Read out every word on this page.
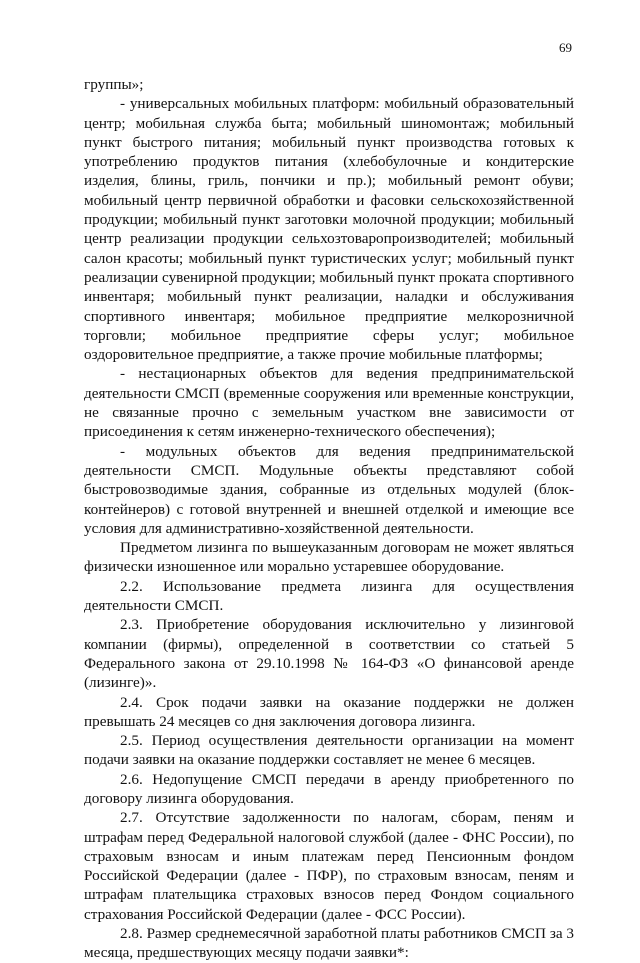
69

группы»;

- универсальных мобильных платформ: мобильный образовательный центр; мобильная служба быта; мобильный шиномонтаж; мобильный пункт быстрого питания; мобильный пункт производства готовых к употреблению продуктов питания (хлебобулочные и кондитерские изделия, блины, гриль, пончики и пр.); мобильный ремонт обуви; мобильный центр первичной обработки и фасовки сельскохозяйственной продукции; мобильный пункт заготовки молочной продукции; мобильный центр реализации продукции сельхозтоваропроизводителей; мобильный салон красоты; мобильный пункт туристических услуг; мобильный пункт реализации сувенирной продукции; мобильный пункт проката спортивного инвентаря; мобильный пункт реализации, наладки и обслуживания спортивного инвентаря; мобильное предприятие мелкорозничной торговли; мобильное предприятие сферы услуг; мобильное оздоровительное предприятие, а также прочие мобильные платформы;

- нестационарных объектов для ведения предпринимательской деятельности СМСП (временные сооружения или временные конструкции, не связанные прочно с земельным участком вне зависимости от присоединения к сетям инженерно-технического обеспечения);

- модульных объектов для ведения предпринимательской деятельности СМСП. Модульные объекты представляют собой быстровозводимые здания, собранные из отдельных модулей (блок-контейнеров) с готовой внутренней и внешней отделкой и имеющие все условия для административно-хозяйственной деятельности.

Предметом лизинга по вышеуказанным договорам не может являться физически изношенное или морально устаревшее оборудование.

2.2. Использование предмета лизинга для осуществления деятельности СМСП.

2.3. Приобретение оборудования исключительно у лизинговой компании (фирмы), определенной в соответствии со статьей 5 Федерального закона от 29.10.1998 № 164-ФЗ «О финансовой аренде (лизинге)».

2.4. Срок подачи заявки на оказание поддержки не должен превышать 24 месяцев со дня заключения договора лизинга.

2.5. Период осуществления деятельности организации на момент подачи заявки на оказание поддержки составляет не менее 6 месяцев.

2.6. Недопущение СМСП передачи в аренду приобретенного по договору лизинга оборудования.

2.7. Отсутствие задолженности по налогам, сборам, пеням и штрафам перед Федеральной налоговой службой (далее - ФНС России), по страховым взносам и иным платежам перед Пенсионным фондом Российской Федерации (далее - ПФР), по страховым взносам, пеням и штрафам плательщика страховых взносов перед Фондом социального страхования Российской Федерации (далее - ФСС России).

2.8. Размер среднемесячной заработной платы работников СМСП за 3 месяца, предшествующих месяцу подачи заявки*:
